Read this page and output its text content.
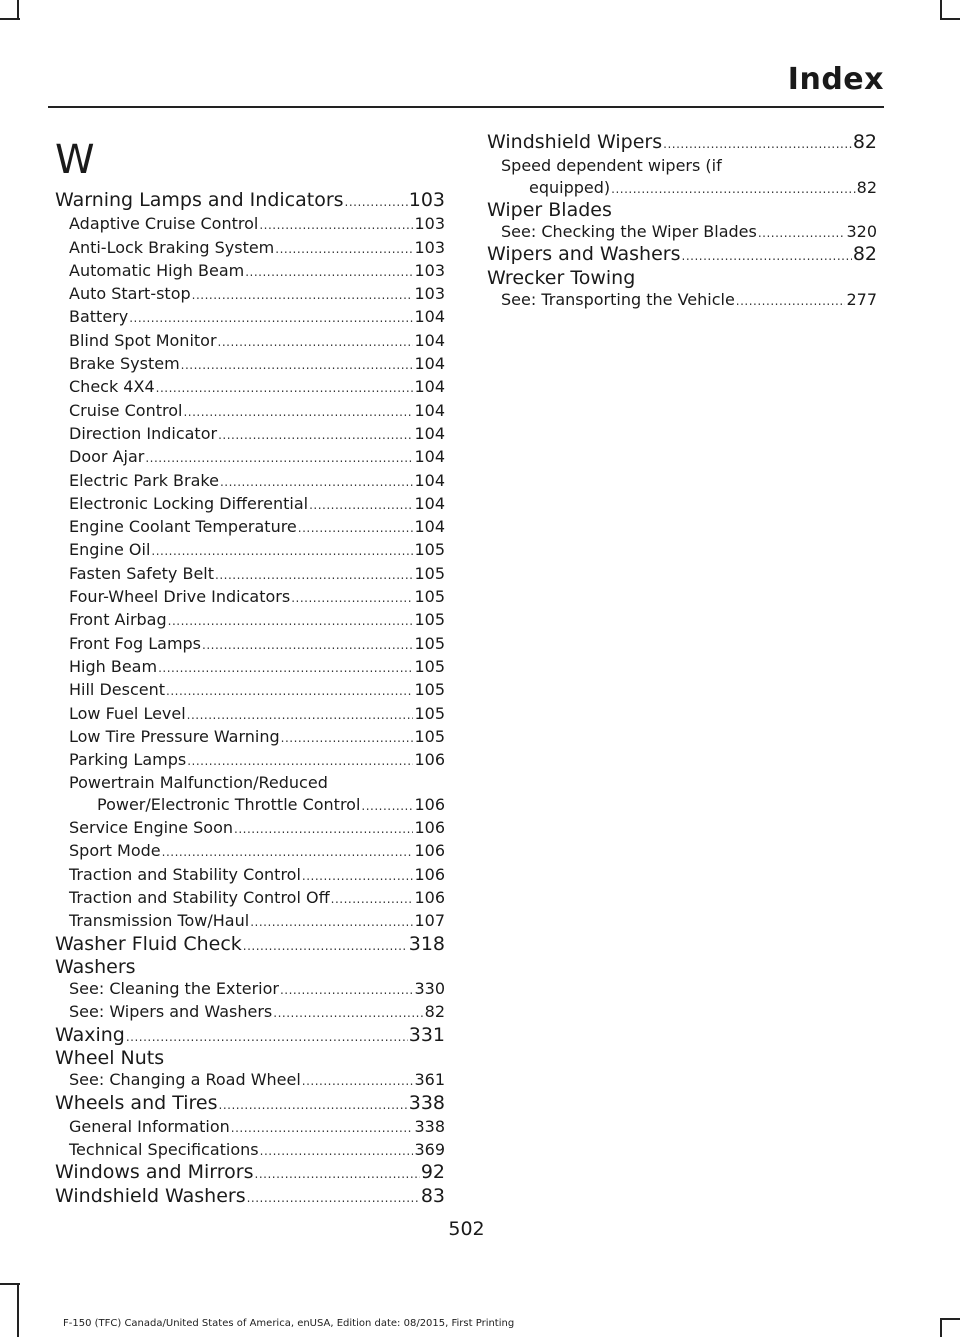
Index
W
Warning Lamps and Indicators .....	103
Adaptive Cruise Control .....	103
Anti-Lock Braking System .....	103
Automatic High Beam .....	103
Auto Start-stop .....	103
Battery .....	104
Blind Spot Monitor .....	104
Brake System .....	104
Check 4X4 .....	104
Cruise Control .....	104
Direction Indicator .....	104
Door Ajar .....	104
Electric Park Brake .....	104
Electronic Locking Differential .....	104
Engine Coolant Temperature .....	104
Engine Oil .....	105
Fasten Safety Belt .....	105
Four-Wheel Drive Indicators .....	105
Front Airbag .....	105
Front Fog Lamps .....	105
High Beam .....	105
Hill Descent .....	105
Low Fuel Level .....	105
Low Tire Pressure Warning .....	105
Parking Lamps .....	106
Powertrain Malfunction/Reduced
Power/Electronic Throttle Control .....	106
Service Engine Soon .....	106
Sport Mode .....	106
Traction and Stability Control .....	106
Traction and Stability Control Off .....	106
Transmission Tow/Haul .....	107
Washer Fluid Check .....	318
Washers
See: Cleaning the Exterior .....	330
See: Wipers and Washers .....	82
Waxing .....	331
Wheel Nuts
See: Changing a Road Wheel .....	361
Wheels and Tires .....	338
General Information .....	338
Technical Specifications .....	369
Windows and Mirrors .....	92
Windshield Washers .....	83
Windshield Wipers .....	82
Speed dependent wipers (if
equipped) .....	82
Wiper Blades
See: Checking the Wiper Blades .....	320
Wipers and Washers .....	82
Wrecker Towing
See: Transporting the Vehicle .....	277
502
F-150 (TFC) Canada/United States of America, enUSA, Edition date: 08/2015, First Printing
